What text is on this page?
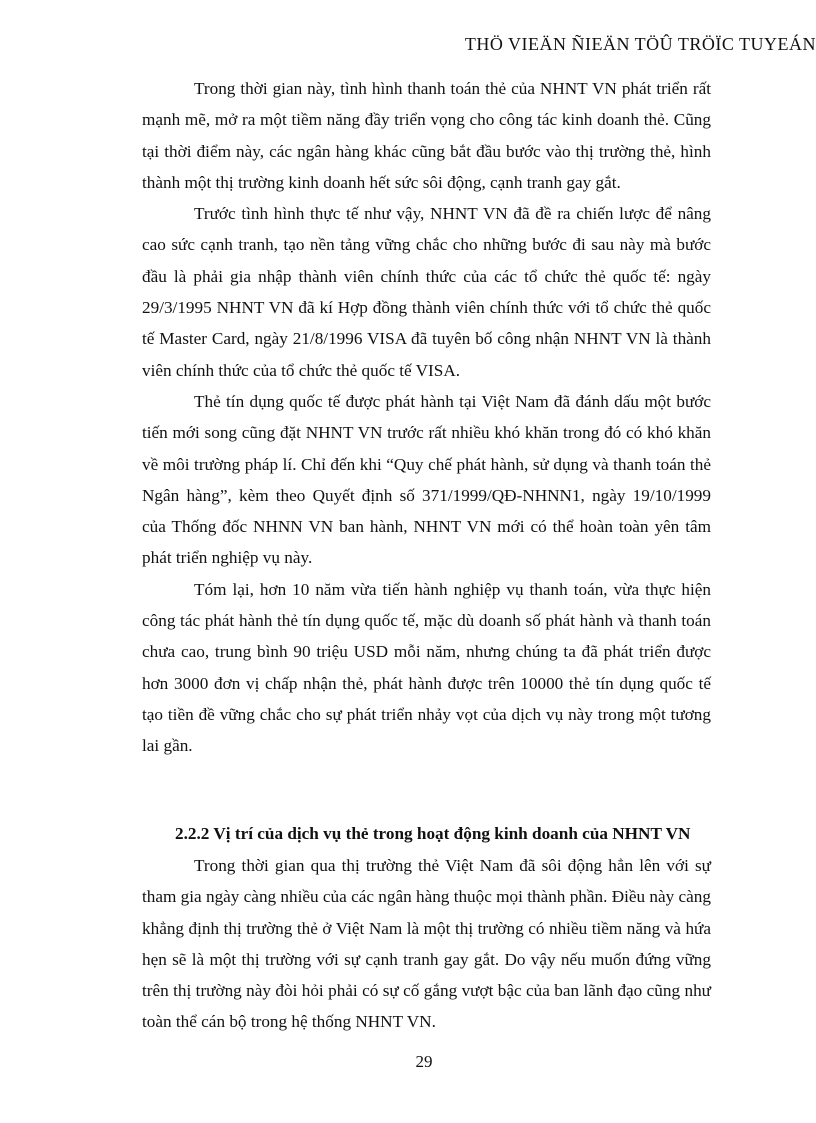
THÖ VIEÄN ÑIEÄN TÖÛ TRÖÏC TUYEÁN

Trong thời gian này, tình hình thanh toán thẻ của NHNT VN phát triển rất mạnh mẽ, mở ra một tiềm năng đầy triển vọng cho công tác kinh doanh thẻ. Cũng tại thời điểm này, các ngân hàng khác cũng bắt đầu bước vào thị trường thẻ, hình thành một thị trường kinh doanh hết sức sôi động, cạnh tranh gay gắt.

Trước tình hình thực tế như vậy, NHNT VN đã đề ra chiến lược để nâng cao sức cạnh tranh, tạo nền tảng vững chắc cho những bước đi sau này mà bước đầu là phải gia nhập thành viên chính thức của các tổ chức thẻ quốc tế: ngày 29/3/1995 NHNT VN đã kí Hợp đồng thành viên chính thức với tổ chức thẻ quốc tế Master Card, ngày 21/8/1996 VISA đã tuyên bố công nhận NHNT VN là thành viên chính thức của tổ chức thẻ quốc tế VISA.

Thẻ tín dụng quốc tế được phát hành tại Việt Nam đã đánh dấu một bước tiến mới song cũng đặt NHNT VN trước rất nhiều khó khăn trong đó có khó khăn về môi trường pháp lí. Chỉ đến khi “Quy chế phát hành, sử dụng và thanh toán thẻ Ngân hàng”, kèm theo Quyết định số 371/1999/QĐ-NHNN1, ngày 19/10/1999 của Thống đốc NHNN VN ban hành, NHNT VN mới có thể hoàn toàn yên tâm phát triển nghiệp vụ này.

Tóm lại, hơn 10 năm vừa tiến hành nghiệp vụ thanh toán, vừa thực hiện công tác phát hành thẻ tín dụng quốc tế, mặc dù doanh số phát hành và thanh toán chưa cao, trung bình 90 triệu USD mỗi năm, nhưng chúng ta đã phát triển được hơn 3000 đơn vị chấp nhận thẻ, phát hành được trên 10000 thẻ tín dụng quốc tế tạo tiền đề vững chắc cho sự phát triển nhảy vọt của dịch vụ này trong một tương lai gần.

2.2.2 Vị trí của dịch vụ thẻ trong hoạt động kinh doanh của NHNT VN

Trong thời gian qua thị trường thẻ Việt Nam đã sôi động hẳn lên với sự tham gia ngày càng nhiều của các ngân hàng thuộc mọi thành phần. Điều này càng khẳng định thị trường thẻ ở Việt Nam là một thị trường có nhiều tiềm năng và hứa hẹn sẽ là một thị trường với sự cạnh tranh gay gắt. Do vậy nếu muốn đứng vững trên thị trường này đòi hỏi phải có sự cố gắng vượt bậc của ban lãnh đạo cũng như toàn thể cán bộ trong hệ thống NHNT VN.

29
